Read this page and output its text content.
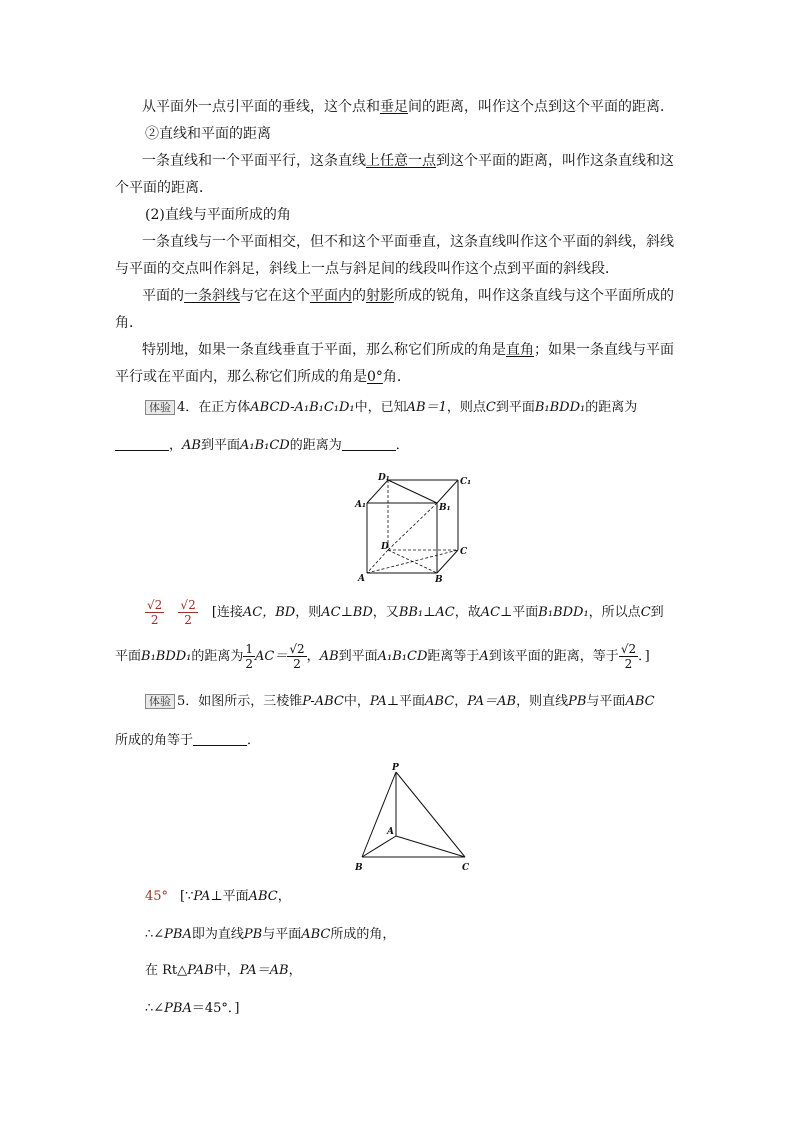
从平面外一点引平面的垂线，这个点和垂足间的距离，叫作这个点到这个平面的距离．
②直线和平面的距离
一条直线和一个平面平行，这条直线上任意一点到这个平面的距离，叫作这条直线和这
个平面的距离．
(2)直线与平面所成的角
一条直线与一个平面相交，但不和这个平面垂直，这条直线叫作这个平面的斜线，斜线
与平面的交点叫作斜足，斜线上一点与斜足间的线段叫作这个点到平面的斜线段．
平面的一条斜线与它在这个平面内的射影所成的锐角，叫作这条直线与这个平面所成的
角．
特别地，如果一条直线垂直于平面，那么称它们所成的角是直角；如果一条直线与平面
平行或在平面内，那么称它们所成的角是0°角．
体验 4．在正方体ABCD-A₁B₁C₁D₁中，已知AB＝1，则点C到平面B₁BDD₁的距离为
，AB到平面A₁B₁CD的距离为	．
D₁	C₁
A₁	B₁
D	C
A	B
$\frac{√2}{2}$
$\frac{√2}{2}$ [连接AC，BD，则AC⊥BD，又BB₁⊥AC，故AC⊥平面B₁BDD₁，所以点C到
平面B₁BDD₁的距离为 $\frac{1}{2} AC= \frac{√2}{2}$ ，AB到平面A₁B₁CD距离等于A到该平面的距离，等于 $\frac{√2}{2}$ ．]
体验 5．如图所示，三棱锥P-ABC中，PA⊥平面ABC，PA＝AB，则直线PB与平面ABC
所成的角等于	．
P
A
B	C
45° [∵PA⊥平面ABC，
∴∠PBA即为直线PB与平面ABC所成的角，
在 Rt△PAB中，PA＝AB，
∴∠PBA＝45°．]
